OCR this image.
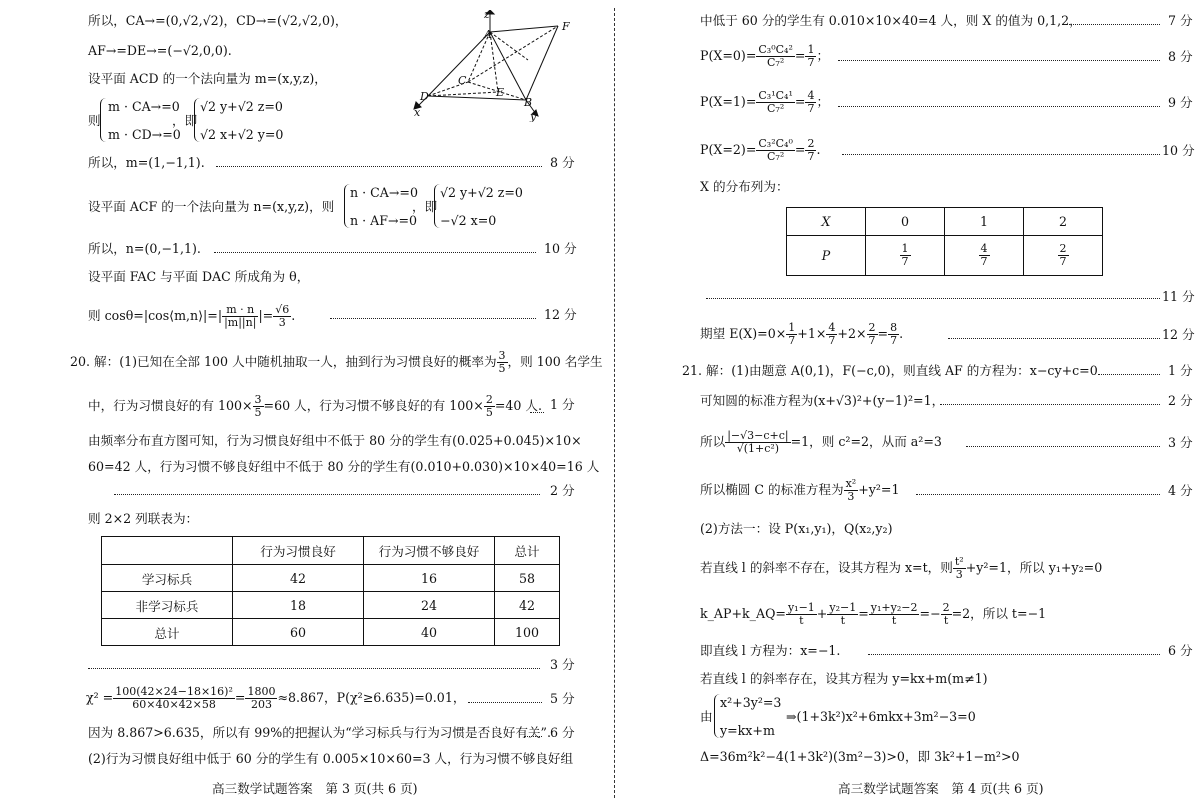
所以，CA→=(0,√2,√2)，CD→=(√2,√2,0)，
AF→=DE→=(−√2,0,0).
设平面 ACD 的一个法向量为 m=(x,y,z)，
则
m · CA→=0
m · CD→=0
，即
√2 y+√2 z=0
√2 x+√2 y=0
z
A
F
C
E
D	B
x	y
所以，m=(1,−1,1).	8 分
设平面 ACF 的一个法向量为 n=(x,y,z)，则
n · CA→=0
n · AF→=0
，即
√2 y+√2 z=0
−√2 x=0
所以，n=(0,−1,1).	10 分
设平面 FAC 与平面 DAC 所成角为 θ，
则 cosθ=|cos⟨m,n⟩|=| $\frac{m \cdot n}{|m||n|}$ |= $\frac{√6}{3}$ .	12 分
20. 解：(1)已知在全部 100 人中随机抽取一人，抽到行为习惯良好的概率为 $\frac{3}{5}$ ，则 100 名学生
中，行为习惯良好的有 $100\times \frac{3}{5} =60$ 人，行为习惯不够良好的有 $100\times \frac{2}{5} =40$ 人. 1 分
由频率分布直方图可知，行为习惯良好组中不低于 80 分的学生有(0.025+0.045)×10×
60=42 人，行为习惯不够良好组中不低于 80 分的学生有(0.010+0.030)×10×40=16 人
2 分
则 2×2 列联表为：
	行为习惯良好	行为习惯不够良好	总计
学习标兵	42	16	58
非学习标兵	18	24	42
总计	60	40	100
3 分
$\chi^2 = \frac{\text{100(42×24−18×16)²}}{60\times 40\times 42\times 58} = \frac{1800}{203} \approx 8.867$，P(χ²≥6.635)=0.01，	5 分
因为 8.867>6.635，所以有 99%的把握认为“学习标兵与行为习惯是否良好有关”. 6 分
(2)行为习惯良好组中低于 60 分的学生有 0.005×10×60=3 人，行为习惯不够良好组
高三数学试题答案　第 3 页(共 6 页)
中低于 60 分的学生有 0.010×10×40=4 人，则 X 的值为 0,1,2，	7 分
$P(X=0)= \frac{\text{C₃⁰C₄²}}{\text{C₇²}} = \frac{1}{7}$ ；	8 分
$P(X=1)= \frac{\text{C₃¹C₄¹}}{\text{C₇²}} = \frac{4}{7}$ ；	9 分
$P(X=2)= \frac{\text{C₃²C₄⁰}}{\text{C₇²}} = \frac{2}{7}$ .	10 分
X 的分布列为：
X	0	1	2
P	$\frac{1}{7}$	$\frac{4}{7}$	$\frac{2}{7}$
11 分
期望 $E(X)=0\times \frac{1}{7} +1\times \frac{4}{7} +2\times \frac{2}{7} = \frac{8}{7}$ .	12 分
21. 解：(1)由题意 A(0,1)，F(−c,0)，则直线 AF 的方程为：x−cy+c=0	1 分
可知圆的标准方程为(x+√3)²+(y−1)²=1，	2 分
所以 $\frac{|-√3-c+c|}{\text{√(1+c²)}} =1$，则 c²=2，从而 a²=3	3 分
所以椭圆 C 的标准方程为 $\frac{\text{x²}}{3} +y^2=1$	4 分
(2)方法一：设 P(x₁,y₁)，Q(x₂,y₂)
若直线 l 的斜率不存在，设其方程为 x=t，则 $\frac{\text{t²}}{3} +y^2=1$，所以 y₁+y₂=0
k_AP+k_AQ= $\frac{\text{y₁−1}}{t} + \frac{\text{y₂−1}}{t} = \frac{\text{y₁+y₂−2}}{t} =- \frac{2}{t} =2$，所以 t=−1
即直线 l 方程为：x=−1.	6 分
若直线 l 的斜率存在，设其方程为 y=kx+m(m≠1)
由
x²+3y²=3
y=kx+m
⇒(1+3k²)x²+6mkx+3m²−3=0
Δ=36m²k²−4(1+3k²)(3m²−3)>0，即 3k²+1−m²>0
高三数学试题答案　第 4 页(共 6 页)
